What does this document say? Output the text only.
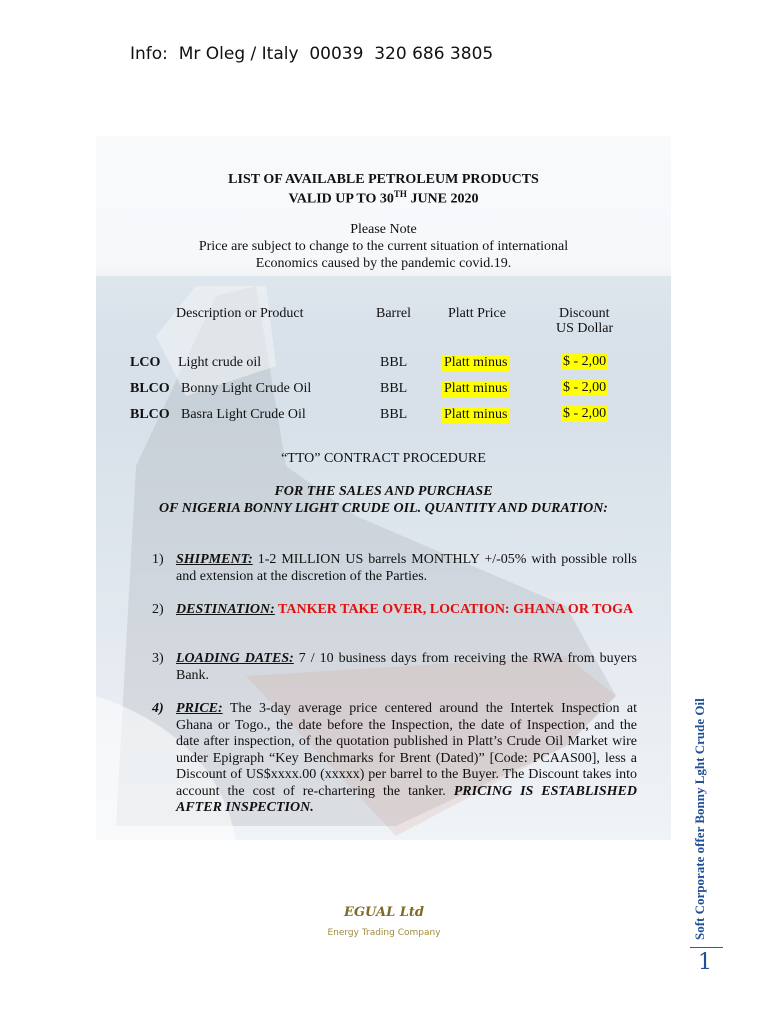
Info:  Mr Oleg / Italy  00039  320 686 3805
LIST OF AVAILABLE PETROLEUM PRODUCTS
VALID UP TO 30TH JUNE 2020
Please Note
Price are subject to change to the current situation of international
Economics caused by the pandemic covid.19.
Description or Product	Barrel	Platt Price	Discount
US Dollar
LCO Light crude oil	BBL	Platt minus	$ - 2,00
BLCO Bonny Light Crude Oil	BBL	Platt minus	$ - 2,00
BLCO Basra Light Crude Oil	BBL	Platt minus	$ - 2,00
“TTO” CONTRACT PROCEDURE
FOR THE SALES AND PURCHASE
OF NIGERIA BONNY LIGHT CRUDE OIL. QUANTITY AND DURATION:
1) SHIPMENT: 1-2 MILLION US barrels MONTHLY +/-05% with possible rolls and extension at the discretion of the Parties.
2) DESTINATION: TANKER TAKE OVER, LOCATION: GHANA OR TOGA
3) LOADING DATES: 7 / 10 business days from receiving the RWA from buyers Bank.
4) PRICE: The 3-day average price centered around the Intertek Inspection at Ghana or Togo., the date before the Inspection, the date of Inspection, and the date after inspection, of the quotation published in Platt’s Crude Oil Market wire under Epigraph “Key Benchmarks for Brent (Dated)” [Code: PCAAS00], less a Discount of US$xxxx.00 (xxxxx) per barrel to the Buyer. The Discount takes into account the cost of re-chartering the tanker. PRICING IS ESTABLISHED AFTER INSPECTION.
EGUAL Ltd
Energy Trading Company	Soft Corporate offer Bonny Lght Crude Oil
1
